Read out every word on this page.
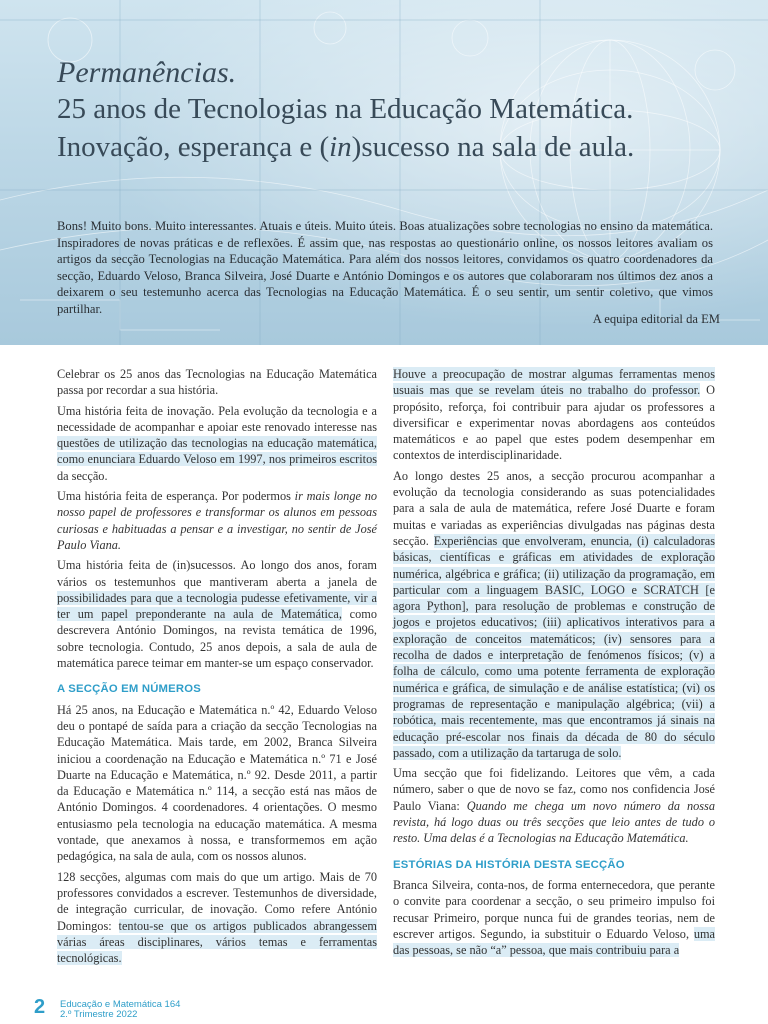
Permanências.
25 anos de Tecnologias na Educação Matemática.
Inovação, esperança e (in)sucesso na sala de aula.
Bons! Muito bons. Muito interessantes. Atuais e úteis. Muito úteis. Boas atualizações sobre tecnologias no ensino da matemática. Inspiradores de novas práticas e de reflexões. É assim que, nas respostas ao questionário online, os nossos leitores avaliam os artigos da secção Tecnologias na Educação Matemática. Para além dos nossos leitores, convidamos os quatro coordenadores da secção, Eduardo Veloso, Branca Silveira, José Duarte e António Domingos e os autores que colaboraram nos últimos dez anos a deixarem o seu testemunho acerca das Tecnologias na Educação Matemática. É o seu sentir, um sentir coletivo, que vimos partilhar.
A equipa editorial da EM

Celebrar os 25 anos das Tecnologias na Educação Matemática passa por recordar a sua história.

Uma história feita de inovação. Pela evolução da tecnologia e a necessidade de acompanhar e apoiar este renovado interesse nas questões de utilização das tecnologias na educação matemática, como enunciara Eduardo Veloso em 1997, nos primeiros escritos da secção.

Uma história feita de esperança. Por podermos ir mais longe no nosso papel de professores e transformar os alunos em pessoas curiosas e habituadas a pensar e a investigar, no sentir de José Paulo Viana.

Uma história feita de (in)sucessos. Ao longo dos anos, foram vários os testemunhos que mantiveram aberta a janela de possibilidades para que a tecnologia pudesse efetivamente, vir a ter um papel preponderante na aula de Matemática, como descrevera António Domingos, na revista temática de 1996, sobre tecnologia. Contudo, 25 anos depois, a sala de aula de matemática parece teimar em manter-se um espaço conservador.

A SECÇÃO EM NÚMEROS

Há 25 anos, na Educação e Matemática n.º 42, Eduardo Veloso deu o pontapé de saída para a criação da secção Tecnologias na Educação Matemática. Mais tarde, em 2002, Branca Silveira iniciou a coordenação na Educação e Matemática n.º 71 e José Duarte na Educação e Matemática, n.º 92. Desde 2011, a partir da Educação e Matemática n.º 114, a secção está nas mãos de António Domingos. 4 coordenadores. 4 orientações. O mesmo entusiasmo pela tecnologia na educação matemática. A mesma vontade, que anexamos à nossa, e transformemos em ação pedagógica, na sala de aula, com os nossos alunos.

128 secções, algumas com mais do que um artigo. Mais de 70 professores convidados a escrever. Testemunhos de diversidade, de integração curricular, de inovação. Como refere António Domingos: tentou-se que os artigos publicados abrangessem várias áreas disciplinares, vários temas e ferramentas tecnológicas.

Houve a preocupação de mostrar algumas ferramentas menos usuais mas que se revelam úteis no trabalho do professor. O propósito, reforça, foi contribuir para ajudar os professores a diversificar e experimentar novas abordagens aos conteúdos matemáticos e ao papel que estes podem desempenhar em contextos de interdisciplinaridade.

Ao longo destes 25 anos, a secção procurou acompanhar a evolução da tecnologia considerando as suas potencialidades para a sala de aula de matemática, refere José Duarte e foram muitas e variadas as experiências divulgadas nas páginas desta secção. Experiências que envolveram, enuncia, (i) calculadoras básicas, científicas e gráficas em atividades de exploração numérica, algébrica e gráfica; (ii) utilização da programação, em particular com a linguagem BASIC, LOGO e SCRATCH [e agora Python], para resolução de problemas e construção de jogos e projetos educativos; (iii) aplicativos interativos para a exploração de conceitos matemáticos; (iv) sensores para a recolha de dados e interpretação de fenómenos físicos; (v) a folha de cálculo, como uma potente ferramenta de exploração numérica e gráfica, de simulação e de análise estatística; (vi) os programas de representação e manipulação algébrica; (vii) a robótica, mais recentemente, mas que encontramos já sinais na educação pré-escolar nos finais da década de 80 do século passado, com a utilização da tartaruga de solo.

Uma secção que foi fidelizando. Leitores que vêm, a cada número, saber o que de novo se faz, como nos confidencia José Paulo Viana: Quando me chega um novo número da nossa revista, há logo duas ou três secções que leio antes de tudo o resto. Uma delas é a Tecnologias na Educação Matemática.

ESTÓRIAS DA HISTÓRIA DESTA SECÇÃO

Branca Silveira, conta-nos, de forma enternecedora, que perante o convite para coordenar a secção, o seu primeiro impulso foi recusar Primeiro, porque nunca fui de grandes teorias, nem de escrever artigos. Segundo, ia substituir o Eduardo Veloso, uma das pessoas, se não “a” pessoa, que mais contribuiu para a

2 Educação e Matemática 164
2.º Trimestre 2022
